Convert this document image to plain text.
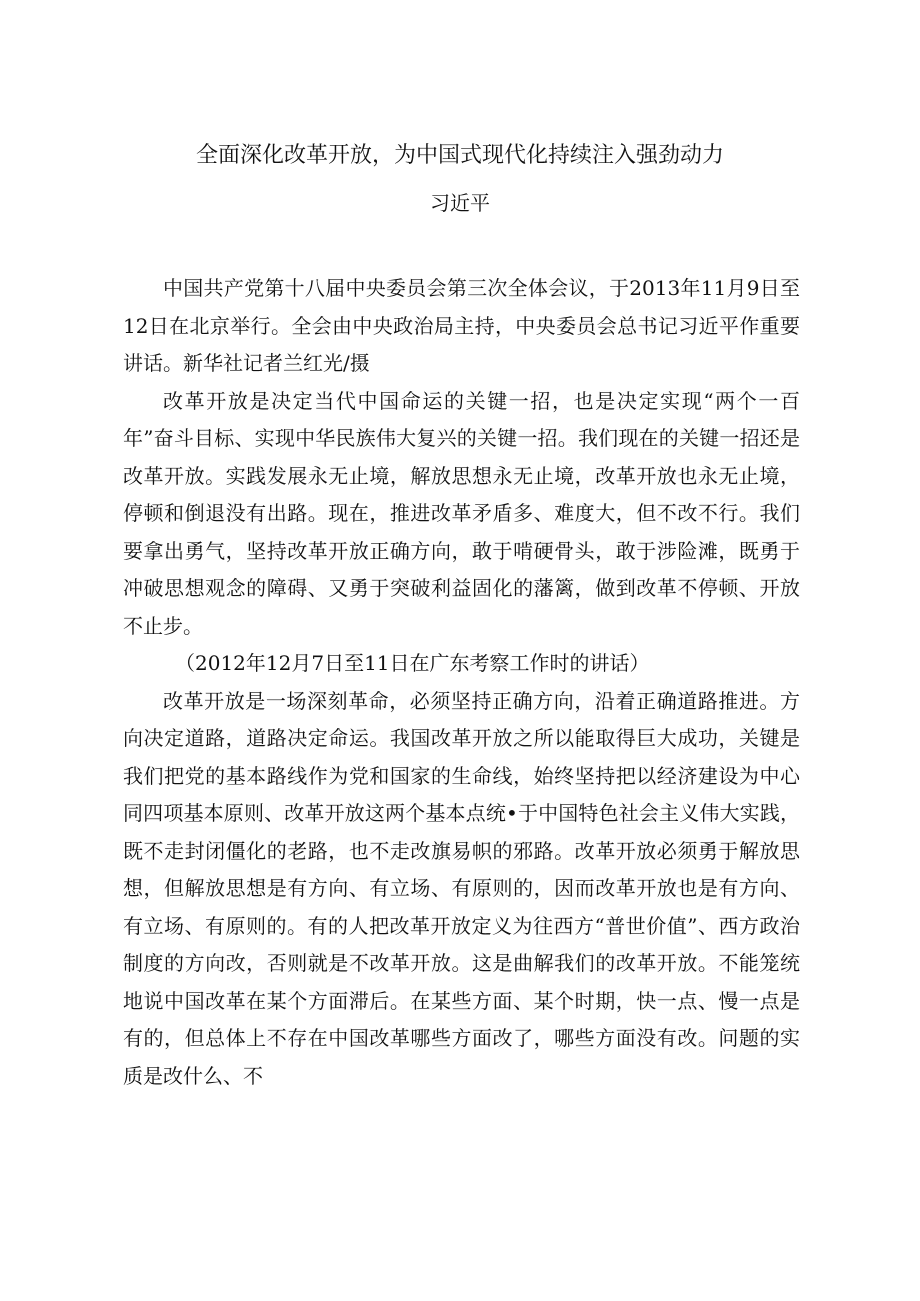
全面深化改革开放，为中国式现代化持续注入强劲动力
习近平

中国共产党第十八届中央委员会第三次全体会议，于2013年11月9日至12日在北京举行。全会由中央政治局主持，中央委员会总书记习近平作重要讲话。新华社记者兰红光/摄

改革开放是决定当代中国命运的关键一招，也是决定实现“两个一百年”奋斗目标、实现中华民族伟大复兴的关键一招。我们现在的关键一招还是改革开放。实践发展永无止境，解放思想永无止境，改革开放也永无止境，停顿和倒退没有出路。现在，推进改革矛盾多、难度大，但不改不行。我们要拿出勇气，坚持改革开放正确方向，敢于啃硬骨头，敢于涉险滩，既勇于冲破思想观念的障碍、又勇于突破利益固化的藩篱，做到改革不停顿、开放不止步。

（2012年12月7日至11日在广东考察工作时的讲话）

改革开放是一场深刻革命，必须坚持正确方向，沿着正确道路推进。方向决定道路，道路决定命运。我国改革开放之所以能取得巨大成功，关键是我们把党的基本路线作为党和国家的生命线，始终坚持把以经济建设为中心同四项基本原则、改革开放这两个基本点统•于中国特色社会主义伟大实践，既不走封闭僵化的老路，也不走改旗易帜的邪路。改革开放必须勇于解放思想，但解放思想是有方向、有立场、有原则的，因而改革开放也是有方向、有立场、有原则的。有的人把改革开放定义为往西方“普世价值”、西方政治制度的方向改，否则就是不改革开放。这是曲解我们的改革开放。不能笼统地说中国改革在某个方面滞后。在某些方面、某个时期，快一点、慢一点是有的，但总体上不存在中国改革哪些方面改了，哪些方面没有改。问题的实质是改什么、不
